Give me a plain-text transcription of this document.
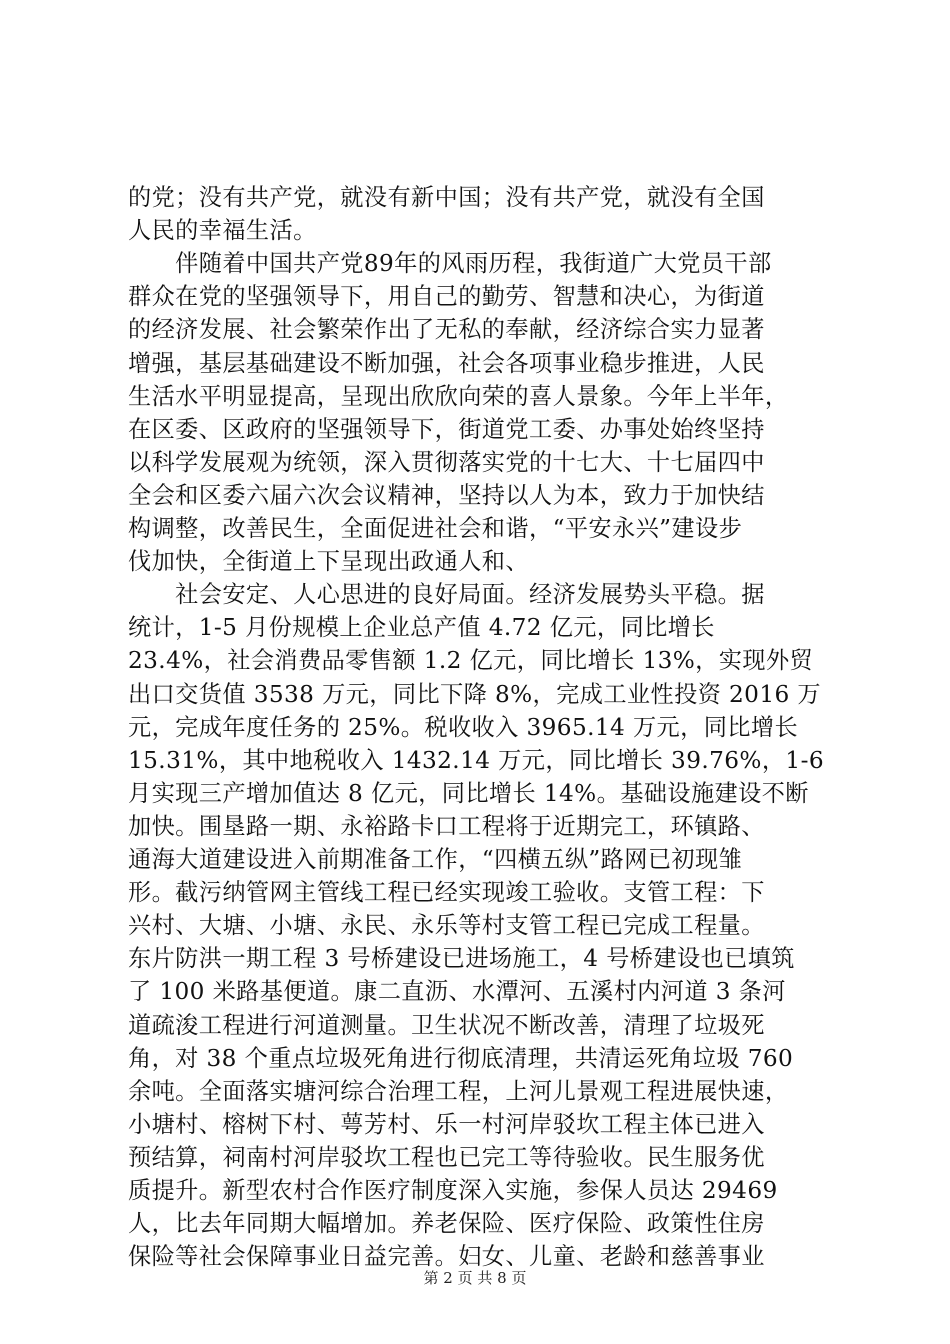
的党；没有共产党，就没有新中国；没有共产党，就没有全国
人民的幸福生活。
　　伴随着中国共产党89年的风雨历程，我街道广大党员干部
群众在党的坚强领导下，用自己的勤劳、智慧和决心，为街道
的经济发展、社会繁荣作出了无私的奉献，经济综合实力显著
增强，基层基础建设不断加强，社会各项事业稳步推进，人民
生活水平明显提高，呈现出欣欣向荣的喜人景象。今年上半年，
在区委、区政府的坚强领导下，街道党工委、办事处始终坚持
以科学发展观为统领，深入贯彻落实党的十七大、十七届四中
全会和区委六届六次会议精神，坚持以人为本，致力于加快结
构调整，改善民生，全面促进社会和谐，“平安永兴”建设步
伐加快，全街道上下呈现出政通人和、
　　社会安定、人心思进的良好局面。经济发展势头平稳。据
统计，1-5 月份规模上企业总产值 4.72 亿元，同比增长
23.4%，社会消费品零售额 1.2 亿元，同比增长 13%，实现外贸
出口交货值 3538 万元，同比下降 8%，完成工业性投资 2016 万
元，完成年度任务的 25%。税收收入 3965.14 万元，同比增长
15.31%，其中地税收入 1432.14 万元，同比增长 39.76%，1-6
月实现三产增加值达 8 亿元，同比增长 14%。基础设施建设不断
加快。围垦路一期、永裕路卡口工程将于近期完工，环镇路、
通海大道建设进入前期准备工作，“四横五纵”路网已初现雏
形。截污纳管网主管线工程已经实现竣工验收。支管工程：下
兴村、大塘、小塘、永民、永乐等村支管工程已完成工程量。
东片防洪一期工程 3 号桥建设已进场施工，4 号桥建设也已填筑
了 100 米路基便道。康二直沥、水潭河、五溪村内河道 3 条河
道疏浚工程进行河道测量。卫生状况不断改善，清理了垃圾死
角，对 38 个重点垃圾死角进行彻底清理，共清运死角垃圾 760
余吨。全面落实塘河综合治理工程，上河儿景观工程进展快速，
小塘村、榕树下村、萼芳村、乐一村河岸驳坎工程主体已进入
预结算，祠南村河岸驳坎工程也已完工等待验收。民生服务优
质提升。新型农村合作医疗制度深入实施，参保人员达 29469
人，比去年同期大幅增加。养老保险、医疗保险、政策性住房
保险等社会保障事业日益完善。妇女、儿童、老龄和慈善事业
第 2 页 共 8 页
